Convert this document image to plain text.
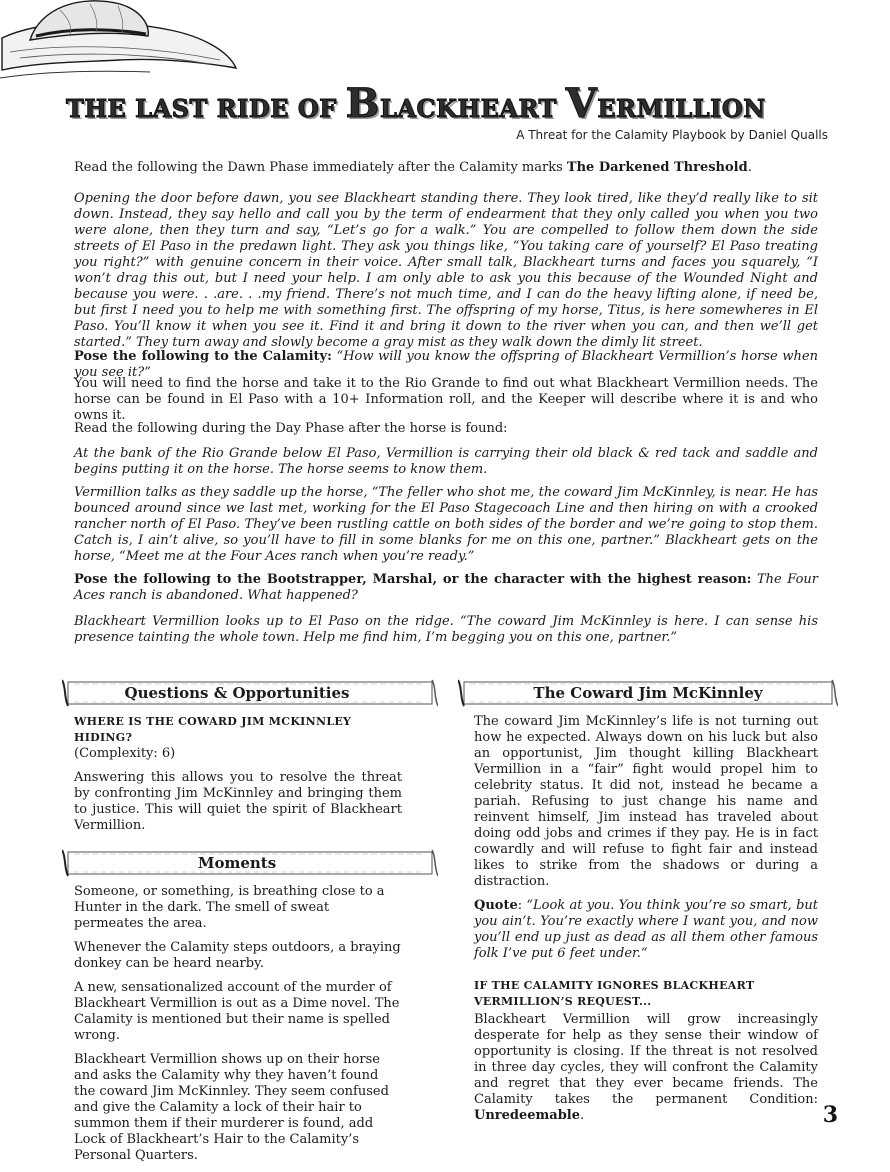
THE LAST RIDE OF BLACKHEART VERMILLION
A Threat for the Calamity Playbook by Daniel Qualls

Read the following the Dawn Phase immediately after the Calamity marks The Darkened Threshold.

Opening the door before dawn, you see Blackheart standing there. They look tired, like they’d really like to sit down. Instead, they say hello and call you by the term of endearment that they only called you when you two were alone, then they turn and say, “Let’s go for a walk.” You are compelled to follow them down the side streets of El Paso in the predawn light. They ask you things like, “You taking care of yourself? El Paso treating you right?” with genuine concern in their voice. After small talk, Blackheart turns and faces you squarely, “I won’t drag this out, but I need your help. I am only able to ask you this because of the Wounded Night and because you were. . .are. . .my friend. There’s not much time, and I can do the heavy lifting alone, if need be, but first I need you to help me with something first. The offspring of my horse, Titus, is here somewheres in El Paso. You’ll know it when you see it. Find it and bring it down to the river when you can, and then we’ll get started.” They turn away and slowly become a gray mist as they walk down the dimly lit street.

Pose the following to the Calamity: “How will you know the offspring of Blackheart Vermillion’s horse when you see it?”

You will need to find the horse and take it to the Rio Grande to find out what Blackheart Vermillion needs. The horse can be found in El Paso with a 10+ Information roll, and the Keeper will describe where it is and who owns it.

Read the following during the Day Phase after the horse is found:

At the bank of the Rio Grande below El Paso, Vermillion is carrying their old black & red tack and saddle and begins putting it on the horse. The horse seems to know them.

Vermillion talks as they saddle up the horse, “The feller who shot me, the coward Jim McKinnley, is near. He has bounced around since we last met, working for the El Paso Stagecoach Line and then hiring on with a crooked rancher north of El Paso. They’ve been rustling cattle on both sides of the border and we’re going to stop them. Catch is, I ain’t alive, so you’ll have to fill in some blanks for me on this one, partner.” Blackheart gets on the horse, “Meet me at the Four Aces ranch when you’re ready.”

Pose the following to the Bootstrapper, Marshal, or the character with the highest reason: The Four Aces ranch is abandoned. What happened?

Blackheart Vermillion looks up to El Paso on the ridge. “The coward Jim McKinnley is here. I can sense his presence tainting the whole town. Help me find him, I’m begging you on this one, partner.”

Questions & Opportunities

WHERE IS THE COWARD JIM MCKINNLEY HIDING?

(Complexity: 6)

Answering this allows you to resolve the threat by confronting Jim McKinnley and bringing them to justice. This will quiet the spirit of Blackheart Vermillion.

Moments

Someone, or something, is breathing close to a Hunter in the dark. The smell of sweat permeates the area.

Whenever the Calamity steps outdoors, a braying donkey can be heard nearby.

A new, sensationalized account of the murder of Blackheart Vermillion is out as a Dime novel. The Calamity is mentioned but their name is spelled wrong.

Blackheart Vermillion shows up on their horse and asks the Calamity why they haven’t found the coward Jim McKinnley. They seem confused and give the Calamity a lock of their hair to summon them if their murderer is found, add Lock of Blackheart’s Hair to the Calamity’s Personal Quarters.

The Coward Jim McKinnley

The coward Jim McKinnley’s life is not turning out how he expected. Always down on his luck but also an opportunist, Jim thought killing Blackheart Vermillion in a “fair” fight would propel him to celebrity status. It did not, instead he became a pariah. Refusing to just change his name and reinvent himself, Jim instead has traveled about doing odd jobs and crimes if they pay. He is in fact cowardly and will refuse to fight fair and instead likes to strike from the shadows or during a distraction.

Quote: “Look at you. You think you’re so smart, but you ain’t. You’re exactly where I want you, and now you’ll end up just as dead as all them other famous folk I’ve put 6 feet under.“

IF THE CALAMITY IGNORES BLACKHEART VERMILLION’S REQUEST...

Blackheart Vermillion will grow increasingly desperate for help as they sense their window of opportunity is closing. If the threat is not resolved in three day cycles, they will confront the Calamity and regret that they ever became friends. The Calamity takes the permanent Condition: Unredeemable.	3
